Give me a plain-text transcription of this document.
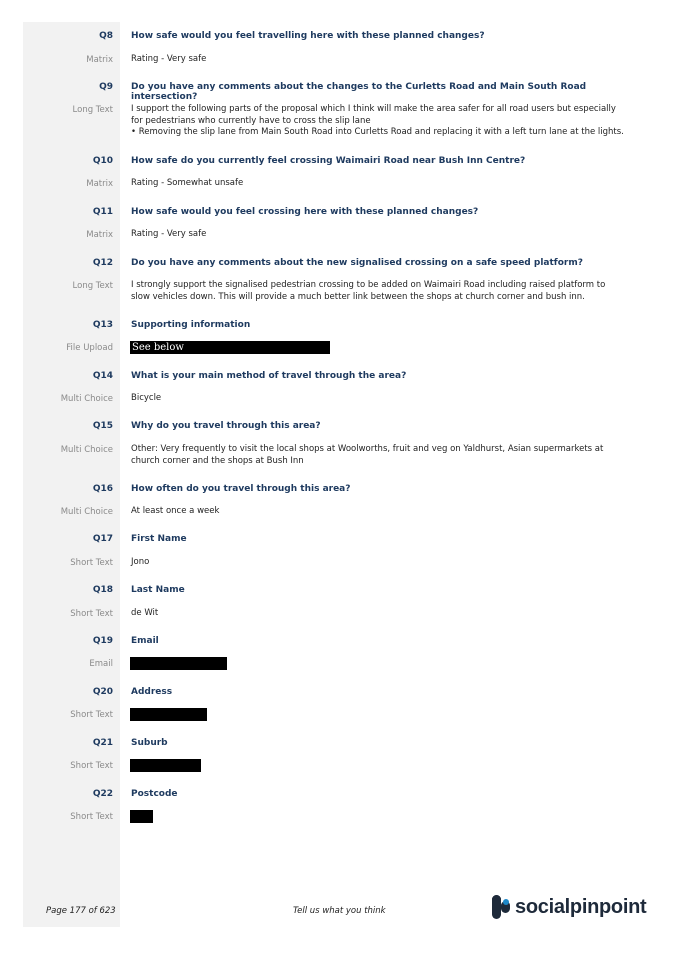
Q8 How safe would you feel travelling here with these planned changes?
Matrix Rating - Very safe
Q9 Do you have any comments about the changes to the Curletts Road and Main South Road intersection?
Long Text I support the following parts of the proposal which I think will make the area safer for all road users but especially
for pedestrians who currently have to cross the slip lane
• Removing the slip lane from Main South Road into Curletts Road and replacing it with a left turn lane at the lights.
Q10 How safe do you currently feel crossing Waimairi Road near Bush Inn Centre?
Matrix Rating - Somewhat unsafe
Q11 How safe would you feel crossing here with these planned changes?
Matrix Rating - Very safe
Q12 Do you have any comments about the new signalised crossing on a safe speed platform?
Long Text I strongly support the signalised pedestrian crossing to be added on Waimairi Road including raised platform to
slow vehicles down. This will provide a much better link between the shops at church corner and bush inn.
Q13 Supporting information
File Upload See below
Q14 What is your main method of travel through the area?
Multi Choice Bicycle
Q15 Why do you travel through this area?
Multi Choice Other: Very frequently to visit the local shops at Woolworths, fruit and veg on Yaldhurst, Asian supermarkets at
church corner and the shops at Bush Inn
Q16 How often do you travel through this area?
Multi Choice At least once a week
Q17 First Name
Short Text Jono
Q18 Last Name
Short Text de Wit
Q19 Email
Email
Q20 Address
Short Text
Q21 Suburb
Short Text
Q22 Postcode
Short Text
Page 177 of 623	Tell us what you think	socialpinpoint
